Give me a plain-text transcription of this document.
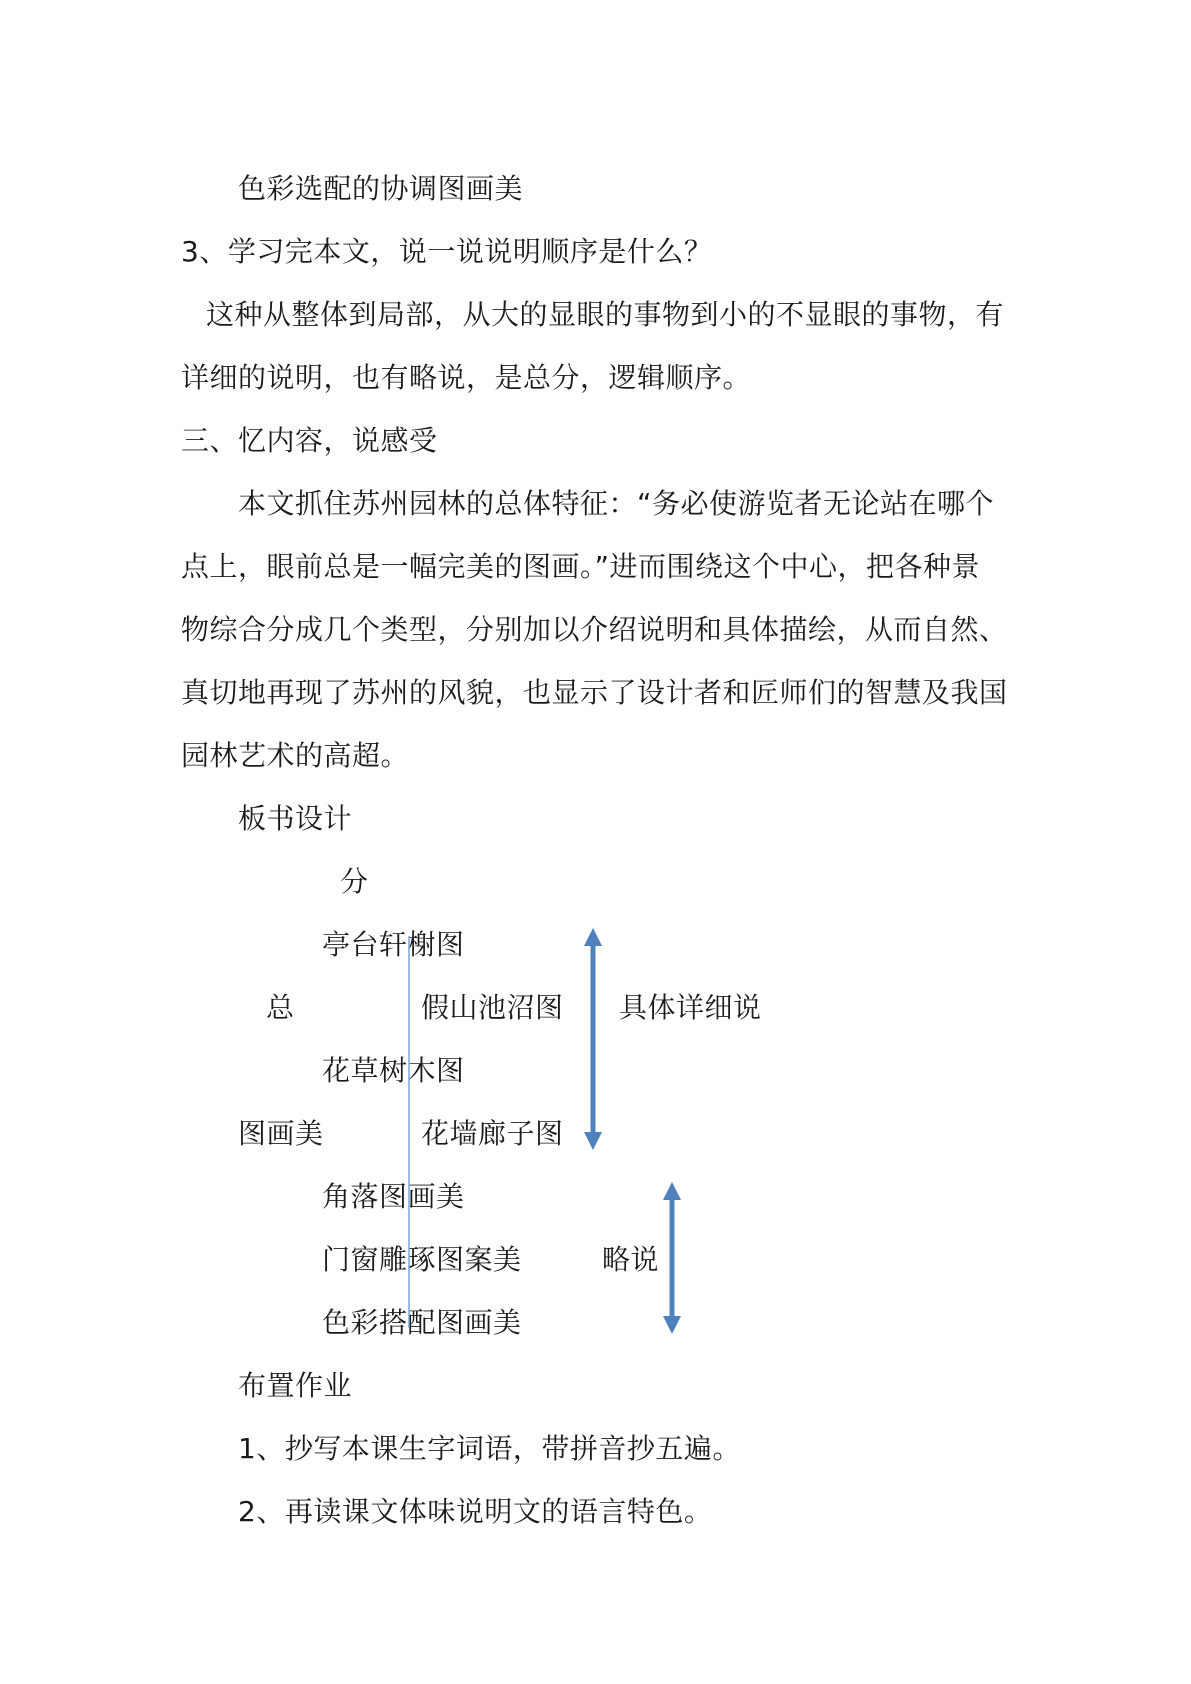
色彩选配的协调图画美
3、学习完本文，说一说说明顺序是什么？
这种从整体到局部，从大的显眼的事物到小的不显眼的事物，有
详细的说明，也有略说，是总分，逻辑顺序。
三、忆内容，说感受
本文抓住苏州园林的总体特征：“务必使游览者无论站在哪个
点上，眼前总是一幅完美的图画。”进而围绕这个中心，把各种景
物综合分成几个类型，分别加以介绍说明和具体描绘，从而自然、
真切地再现了苏州的风貌，也显示了设计者和匠师们的智慧及我国
园林艺术的高超。
板书设计
分
亭台轩榭图
总	假山池沼图 具体详细说
花草树木图
图画美	花墙廊子图
角落图画美
门窗雕琢图案美	略说
色彩搭配图画美
布置作业
1、抄写本课生字词语，带拼音抄五遍。
2、再读课文体味说明文的语言特色。
